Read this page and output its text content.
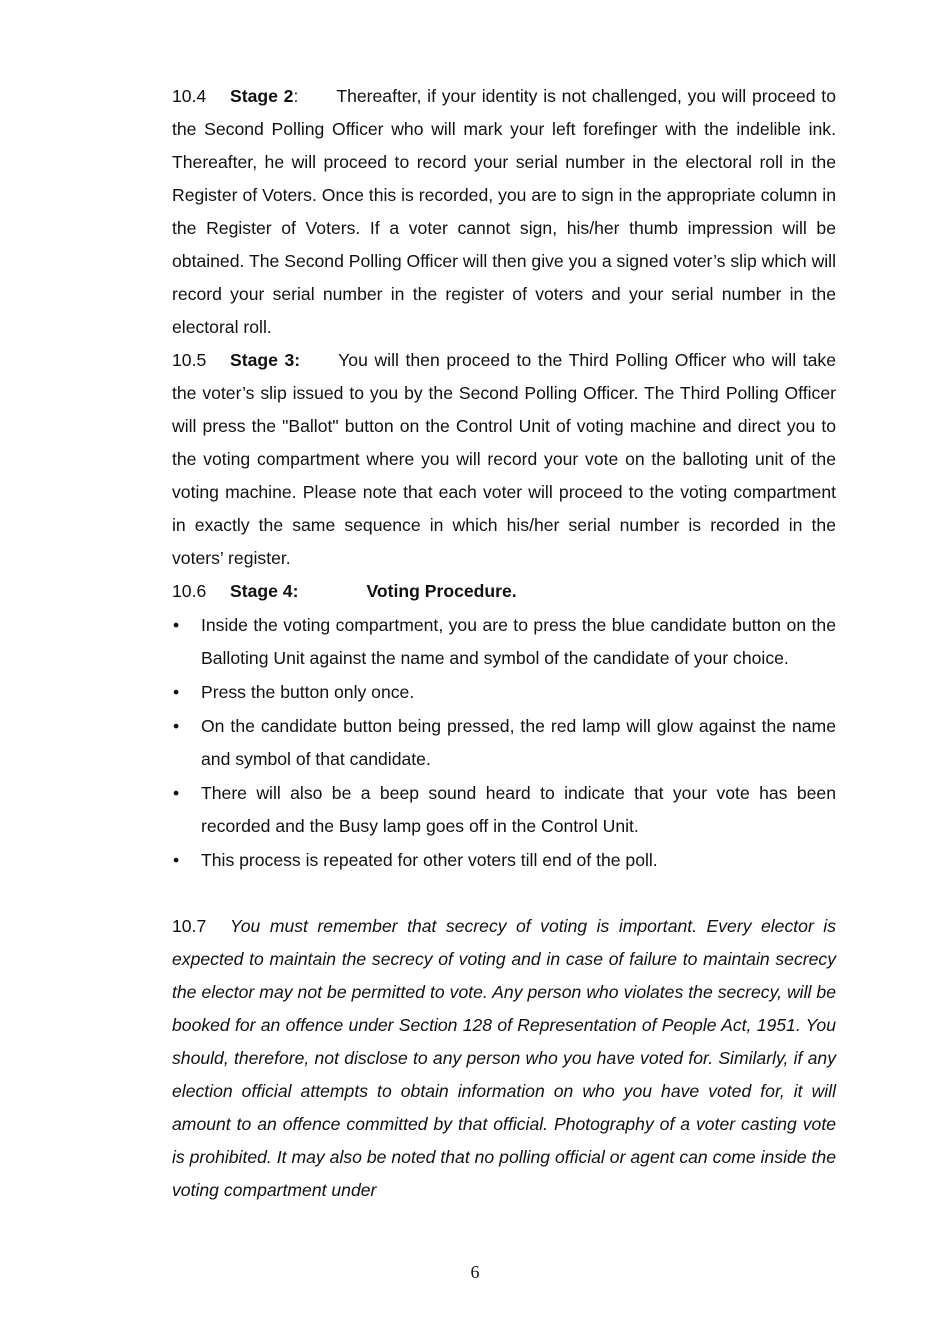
10.4 Stage 2: Thereafter, if your identity is not challenged, you will proceed to the Second Polling Officer who will mark your left forefinger with the indelible ink. Thereafter, he will proceed to record your serial number in the electoral roll in the Register of Voters. Once this is recorded, you are to sign in the appropriate column in the Register of Voters. If a voter cannot sign, his/her thumb impression will be obtained. The Second Polling Officer will then give you a signed voter’s slip which will record your serial number in the register of voters and your serial number in the electoral roll.

10.5 Stage 3: You will then proceed to the Third Polling Officer who will take the voter’s slip issued to you by the Second Polling Officer. The Third Polling Officer will press the "Ballot" button on the Control Unit of voting machine and direct you to the voting compartment where you will record your vote on the balloting unit of the voting machine. Please note that each voter will proceed to the voting compartment in exactly the same sequence in which his/her serial number is recorded in the voters’ register.

10.6 Stage 4:	Voting Procedure.

•	Inside the voting compartment, you are to press the blue candidate button on the Balloting Unit against the name and symbol of the candidate of your choice.
•	Press the button only once.
•	On the candidate button being pressed, the red lamp will glow against the name and symbol of that candidate.
•	There will also be a beep sound heard to indicate that your vote has been recorded and the Busy lamp goes off in the Control Unit.
•	This process is repeated for other voters till end of the poll.

10.7 You must remember that secrecy of voting is important. Every elector is expected to maintain the secrecy of voting and in case of failure to maintain secrecy the elector may not be permitted to vote. Any person who violates the secrecy, will be booked for an offence under Section 128 of Representation of People Act, 1951. You should, therefore, not disclose to any person who you have voted for. Similarly, if any election official attempts to obtain information on who you have voted for, it will amount to an offence committed by that official. Photography of a voter casting vote is prohibited. It may also be noted that no polling official or agent can come inside the voting compartment under

6
